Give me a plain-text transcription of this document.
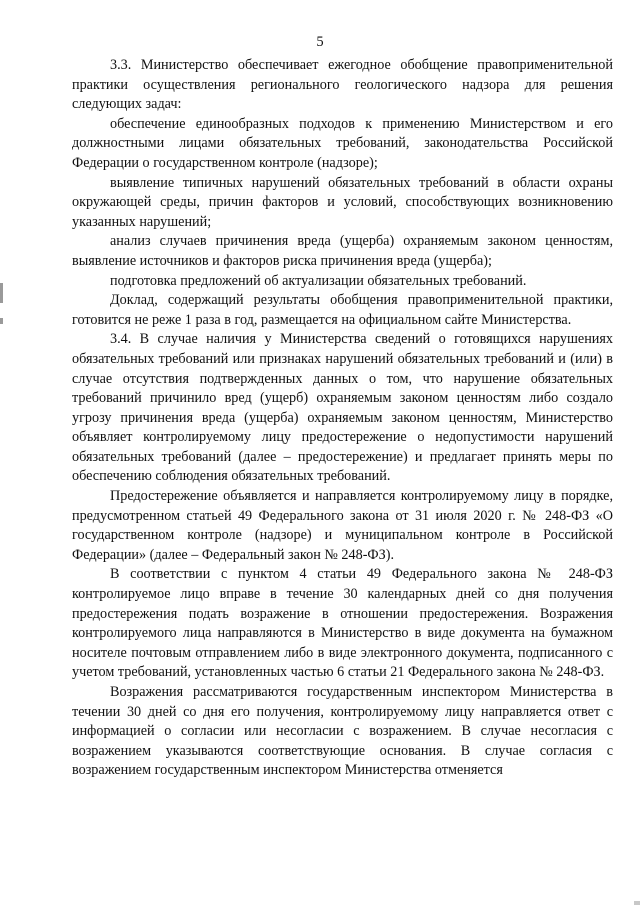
5

3.3. Министерство обеспечивает ежегодное обобщение правоприменительной практики осуществления регионального геологического надзора для решения следующих задач:

обеспечение единообразных подходов к применению Министерством и его должностными лицами обязательных требований, законодательства Российской Федерации о государственном контроле (надзоре);

выявление типичных нарушений обязательных требований в области охраны окружающей среды, причин факторов и условий, способствующих возникновению указанных нарушений;

анализ случаев причинения вреда (ущерба) охраняемым законом ценностям, выявление источников и факторов риска причинения вреда (ущерба);

подготовка предложений об актуализации обязательных требований.

Доклад, содержащий результаты обобщения правоприменительной практики, готовится не реже 1 раза в год, размещается на официальном сайте Министерства.

3.4. В случае наличия у Министерства сведений о готовящихся нарушениях обязательных требований или признаках нарушений обязательных требований и (или) в случае отсутствия подтвержденных данных о том, что нарушение обязательных требований причинило вред (ущерб) охраняемым законом ценностям либо создало угрозу причинения вреда (ущерба) охраняемым законом ценностям, Министерство объявляет контролируемому лицу предостережение о недопустимости нарушений обязательных требований (далее – предостережение) и предлагает принять меры по обеспечению соблюдения обязательных требований.

Предостережение объявляется и направляется контролируемому лицу в порядке, предусмотренном статьей 49 Федерального закона от 31 июля 2020 г. № 248-ФЗ «О государственном контроле (надзоре) и муниципальном контроле в Российской Федерации» (далее – Федеральный закон № 248-ФЗ).

В соответствии с пунктом 4 статьи 49 Федерального закона № 248-ФЗ контролируемое лицо вправе в течение 30 календарных дней со дня получения предостережения подать возражение в отношении предостережения. Возражения контролируемого лица направляются в Министерство в виде документа на бумажном носителе почтовым отправлением либо в виде электронного документа, подписанного с учетом требований, установленных частью 6 статьи 21 Федерального закона № 248-ФЗ.

Возражения рассматриваются государственным инспектором Министерства в течении 30 дней со дня его получения, контролируемому лицу направляется ответ с информацией о согласии или несогласии с возражением. В случае несогласия с возражением указываются соответствующие основания. В случае согласия с возражением государственным инспектором Министерства отменяется
